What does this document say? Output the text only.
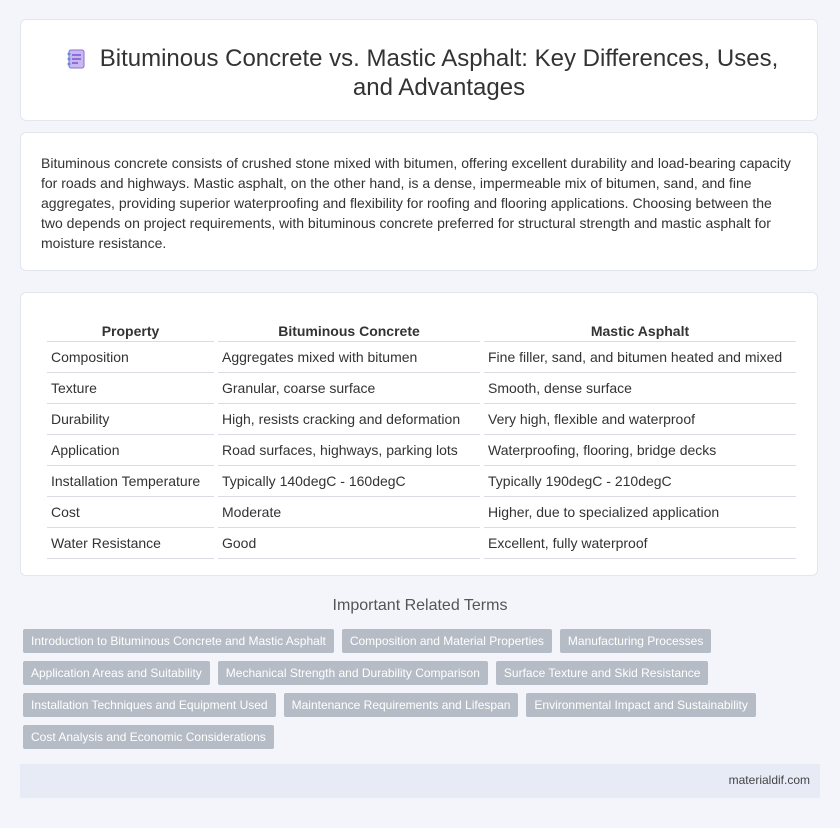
Bituminous Concrete vs. Mastic Asphalt: Key Differences, Uses, and Advantages
Bituminous concrete consists of crushed stone mixed with bitumen, offering excellent durability and load-bearing capacity for roads and highways. Mastic asphalt, on the other hand, is a dense, impermeable mix of bitumen, sand, and fine aggregates, providing superior waterproofing and flexibility for roofing and flooring applications. Choosing between the two depends on project requirements, with bituminous concrete preferred for structural strength and mastic asphalt for moisture resistance.
Property	Bituminous Concrete	Mastic Asphalt
Composition	Aggregates mixed with bitumen	Fine filler, sand, and bitumen heated and mixed
Texture	Granular, coarse surface	Smooth, dense surface
Durability	High, resists cracking and deformation	Very high, flexible and waterproof
Application	Road surfaces, highways, parking lots	Waterproofing, flooring, bridge decks
Installation Temperature	Typically 140degC - 160degC	Typically 190degC - 210degC
Cost	Moderate	Higher, due to specialized application
Water Resistance	Good	Excellent, fully waterproof
Important Related Terms
Introduction to Bituminous Concrete and Mastic Asphalt	Composition and Material Properties	Manufacturing Processes
Application Areas and Suitability	Mechanical Strength and Durability Comparison	Surface Texture and Skid Resistance
Installation Techniques and Equipment Used	Maintenance Requirements and Lifespan	Environmental Impact and Sustainability
Cost Analysis and Economic Considerations
materialdif.com
